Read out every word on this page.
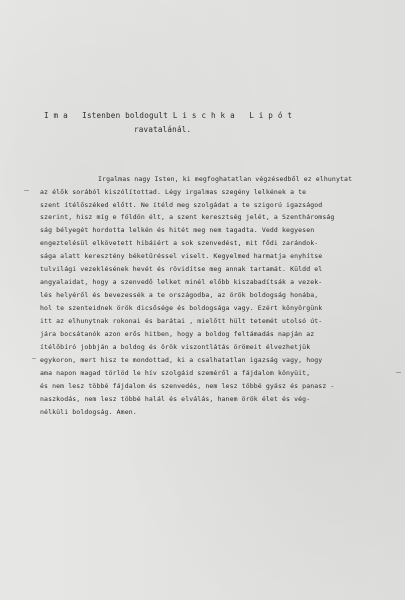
I m a   Istenben boldogult L i s c h k a   L i p ó t
ravatalánál.
Irgalmas nagy Isten, ki megfoghatatlan végzésedből ez elhunytat
az élők sorából kiszólítottad. Légy irgalmas szegény lelkének a te
szent ítélőszéked előtt. Ne ítéld meg szolgádat a te szigorú igazságod
szerint, hisz míg e földön élt, a szent keresztség jelét, a Szentháromság
ság bélyegét hordotta lelkén és hitét meg nem tagadta. Vedd kegyesen
engeztelésül elkövetett hibáiért a sok szenvedést, mit fődi zarándok-
sága alatt keresztény béketűréssel viselt. Kegyelmed harmatja enyhítse
tulvilági vezeklésének hevét és rövidítse meg annak tartamát. Küldd el
angyalaidat, hogy a szenvedő lelket minél előbb kiszabadítsák a vezek-
lés helyéről és bevezessék a te országodba, az örök boldogság honába,
hol te szenteidnek örök dicsősége és boldogsága vagy. Ezért könyörgünk
itt az elhunytnak rokonai és barátai , mielőtt hült tetemét utolsó út-
jára bocsátanók azon erős hitben, hogy a boldog feltámadás napján az
ítélőbíró jobbján a boldog és örök viszontlátás örömeit élvezhetjük
egykoron, mert hisz te mondottad, ki a csalhatatlan igazság vagy, hogy
ama napon magad törlöd le hív szolgáid szeméről a fájdalom könyüit,
és nem lesz többé fájdalom és szenvedés, nem lesz többé gyász és panasz -
naszkodás, nem lesz többé halál és elválás, hanem örök élet és vég-
nélküli boldogság. Amen.
